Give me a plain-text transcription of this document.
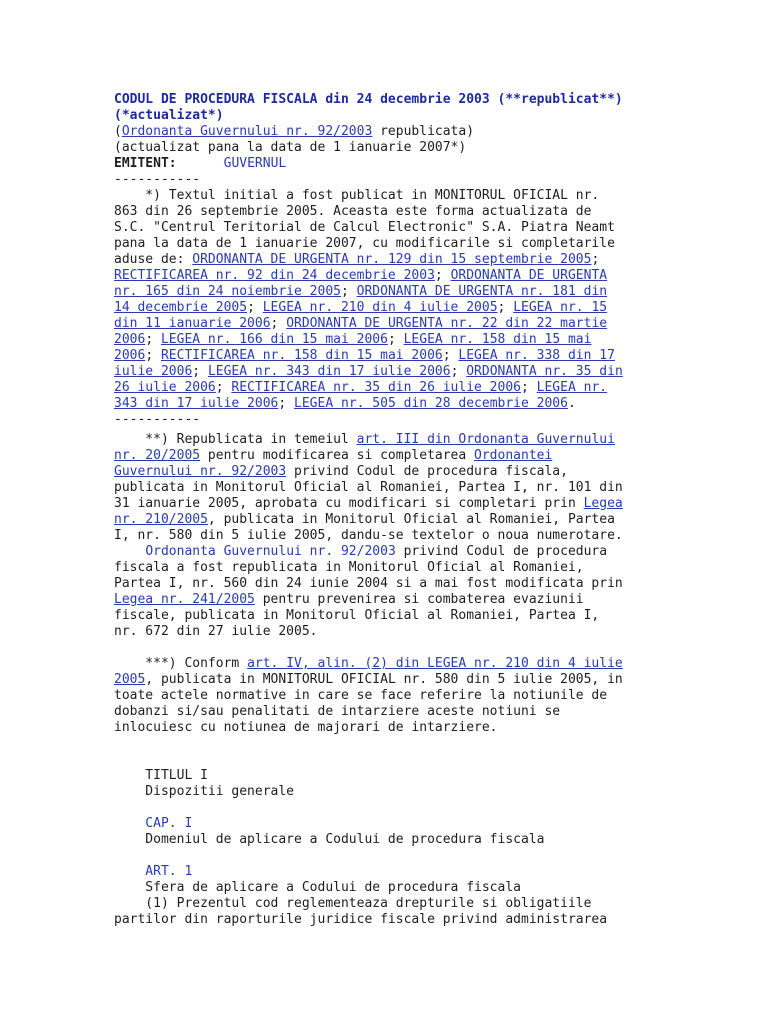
CODUL DE PROCEDURA FISCALA din 24 decembrie 2003 (**republicat**)
(*actualizat*)
(Ordonanta Guvernului nr. 92/2003 republicata)
(actualizat pana la data de 1 ianuarie 2007*)
EMITENT:	GUVERNUL
-----------
*) Textul initial a fost publicat in MONITORUL OFICIAL nr.
863 din 26 septembrie 2005. Aceasta este forma actualizata de
S.C. "Centrul Teritorial de Calcul Electronic" S.A. Piatra Neamt
pana la data de 1 ianuarie 2007, cu modificarile si completarile
aduse de: ORDONANTA DE URGENTA nr. 129 din 15 septembrie 2005;
RECTIFICAREA nr. 92 din 24 decembrie 2003; ORDONANTA DE URGENTA
nr. 165 din 24 noiembrie 2005; ORDONANTA DE URGENTA nr. 181 din
14 decembrie 2005; LEGEA nr. 210 din 4 iulie 2005; LEGEA nr. 15
din 11 ianuarie 2006; ORDONANTA DE URGENTA nr. 22 din 22 martie
2006; LEGEA nr. 166 din 15 mai 2006; LEGEA nr. 158 din 15 mai
2006; RECTIFICAREA nr. 158 din 15 mai 2006; LEGEA nr. 338 din 17
iulie 2006; LEGEA nr. 343 din 17 iulie 2006; ORDONANTA nr. 35 din
26 iulie 2006; RECTIFICAREA nr. 35 din 26 iulie 2006; LEGEA nr.
343 din 17 iulie 2006; LEGEA nr. 505 din 28 decembrie 2006.
-----------
**) Republicata in temeiul art. III din Ordonanta Guvernului
nr. 20/2005 pentru modificarea si completarea Ordonantei
Guvernului nr. 92/2003 privind Codul de procedura fiscala,
publicata in Monitorul Oficial al Romaniei, Partea I, nr. 101 din
31 ianuarie 2005, aprobata cu modificari si completari prin Legea
nr. 210/2005, publicata in Monitorul Oficial al Romaniei, Partea
I, nr. 580 din 5 iulie 2005, dandu-se textelor o noua numerotare.
Ordonanta Guvernului nr. 92/2003 privind Codul de procedura
fiscala a fost republicata in Monitorul Oficial al Romaniei,
Partea I, nr. 560 din 24 iunie 2004 si a mai fost modificata prin
Legea nr. 241/2005 pentru prevenirea si combaterea evaziunii
fiscale, publicata in Monitorul Oficial al Romaniei, Partea I,
nr. 672 din 27 iulie 2005.
***) Conform art. IV, alin. (2) din LEGEA nr. 210 din 4 iulie
2005, publicata in MONITORUL OFICIAL nr. 580 din 5 iulie 2005, in
toate actele normative in care se face referire la notiunile de
dobanzi si/sau penalitati de intarziere aceste notiuni se
inlocuiesc cu notiunea de majorari de intarziere.
TITLUL I
Dispozitii generale
CAP. I
Domeniul de aplicare a Codului de procedura fiscala
ART. 1
Sfera de aplicare a Codului de procedura fiscala
(1) Prezentul cod reglementeaza drepturile si obligatiile
partilor din raporturile juridice fiscale privind administrarea
